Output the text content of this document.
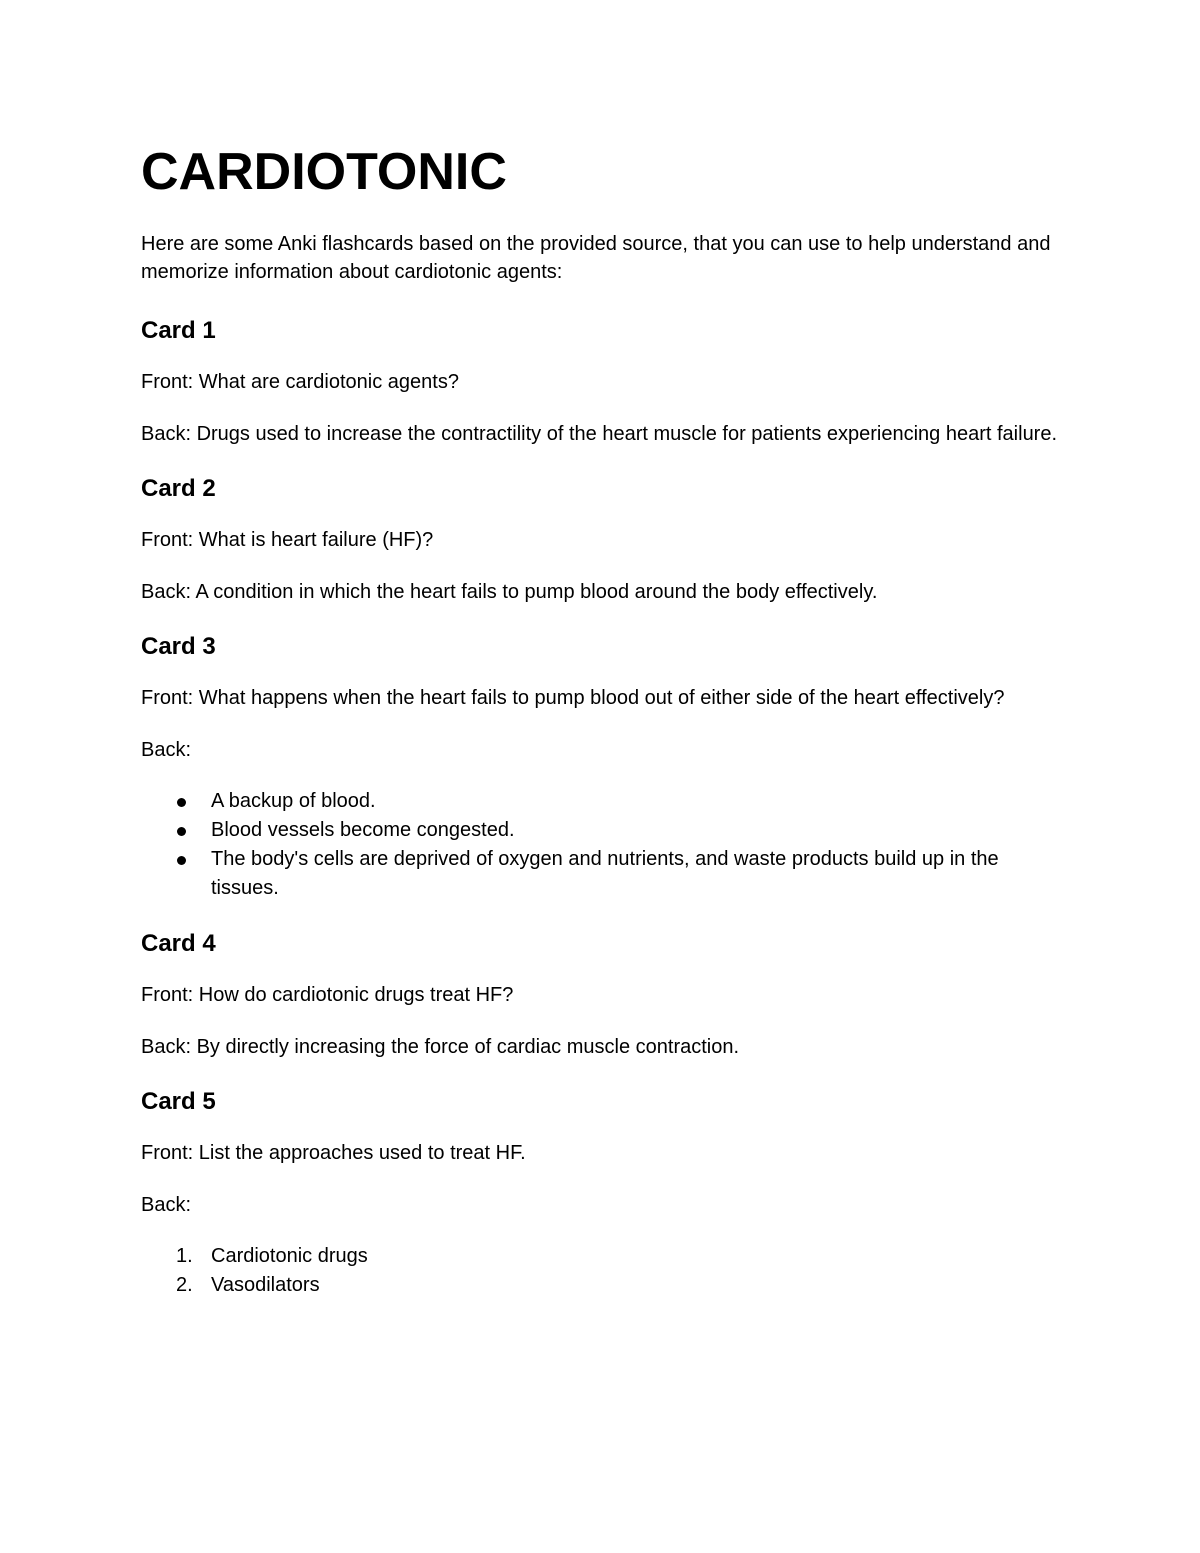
CARDIOTONIC

Here are some Anki flashcards based on the provided source, that you can use to help understand and memorize information about cardiotonic agents:

Card 1

Front: What are cardiotonic agents?

Back: Drugs used to increase the contractility of the heart muscle for patients experiencing heart failure.

Card 2

Front: What is heart failure (HF)?

Back: A condition in which the heart fails to pump blood around the body effectively.

Card 3

Front: What happens when the heart fails to pump blood out of either side of the heart effectively?

Back:

A backup of blood.
Blood vessels become congested.
The body's cells are deprived of oxygen and nutrients, and waste products build up in the tissues.
Card 4

Front: How do cardiotonic drugs treat HF?

Back: By directly increasing the force of cardiac muscle contraction.

Card 5

Front: List the approaches used to treat HF.

Back:

1. Cardiotonic drugs
2. Vasodilators
